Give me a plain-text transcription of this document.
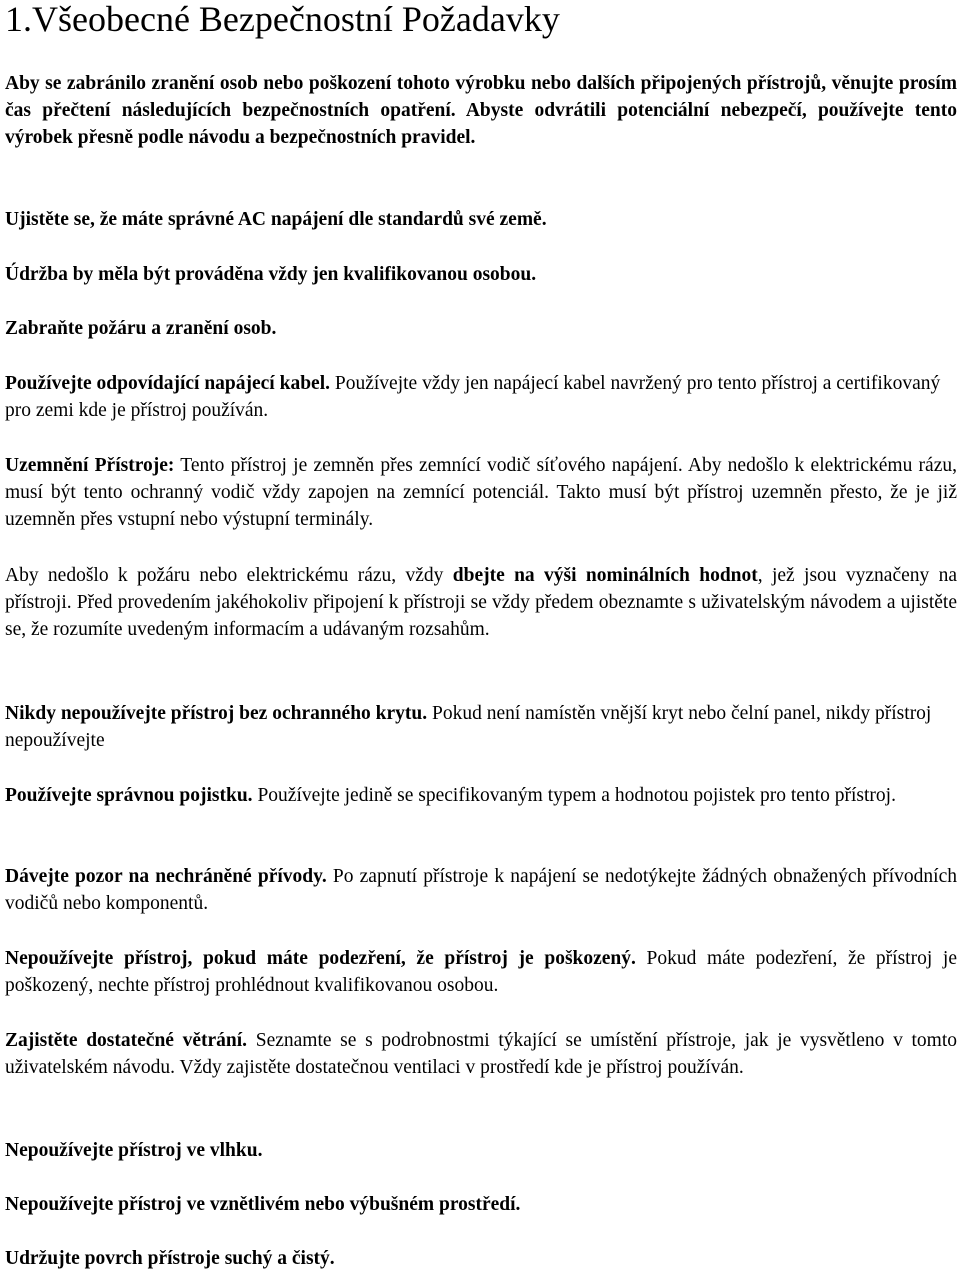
1.Všeobecné Bezpečnostní Požadavky

Aby se zabránilo zranění osob nebo poškození tohoto výrobku nebo dalších připojených přístrojů, věnujte prosím čas přečtení následujících bezpečnostních opatření. Abyste odvrátili potenciální nebezpečí, používejte tento výrobek přesně podle návodu a bezpečnostních pravidel.

Ujistěte se, že máte správné AC napájení dle standardů své země.

Údržba by měla být prováděna vždy jen kvalifikovanou osobou.

Zabraňte požáru a zranění osob.

Používejte odpovídající napájecí kabel. Používejte vždy jen napájecí kabel navržený pro tento přístroj a certifikovaný pro zemi kde je přístroj používán.

Uzemnění Přístroje: Tento přístroj je zemněn přes zemnící vodič síťového napájení. Aby nedošlo k elektrickému rázu, musí být tento ochranný vodič vždy zapojen na zemnící potenciál. Takto musí být přístroj uzemněn přesto, že je již uzemněn přes vstupní nebo výstupní terminály.

Aby nedošlo k požáru nebo elektrickému rázu, vždy dbejte na výši nominálních hodnot, jež jsou vyznačeny na přístroji. Před provedením jakéhokoliv připojení k přístroji se vždy předem obeznamte s uživatelským návodem a ujistěte se, že rozumíte uvedeným informacím a udávaným rozsahům.

Nikdy nepoužívejte přístroj bez ochranného krytu. Pokud není namístěn vnější kryt nebo čelní panel, nikdy přístroj nepoužívejte

Používejte správnou pojistku. Používejte jedině se specifikovaným typem a hodnotou pojistek pro tento přístroj.

Dávejte pozor na nechráněné přívody. Po zapnutí přístroje k napájení se nedotýkejte žádných obnažených přívodních vodičů nebo komponentů.

Nepoužívejte přístroj, pokud máte podezření, že přístroj je poškozený. Pokud máte podezření, že přístroj je poškozený, nechte přístroj prohlédnout kvalifikovanou osobou.

Zajistěte dostatečné větrání. Seznamte se s podrobnostmi týkající se umístění přístroje, jak je vysvětleno v tomto uživatelském návodu. Vždy zajistěte dostatečnou ventilaci v prostředí kde je přístroj používán.

Nepoužívejte přístroj ve vlhku.

Nepoužívejte přístroj ve vznětlivém nebo výbušném prostředí.

Udržujte povrch přístroje suchý a čistý.
